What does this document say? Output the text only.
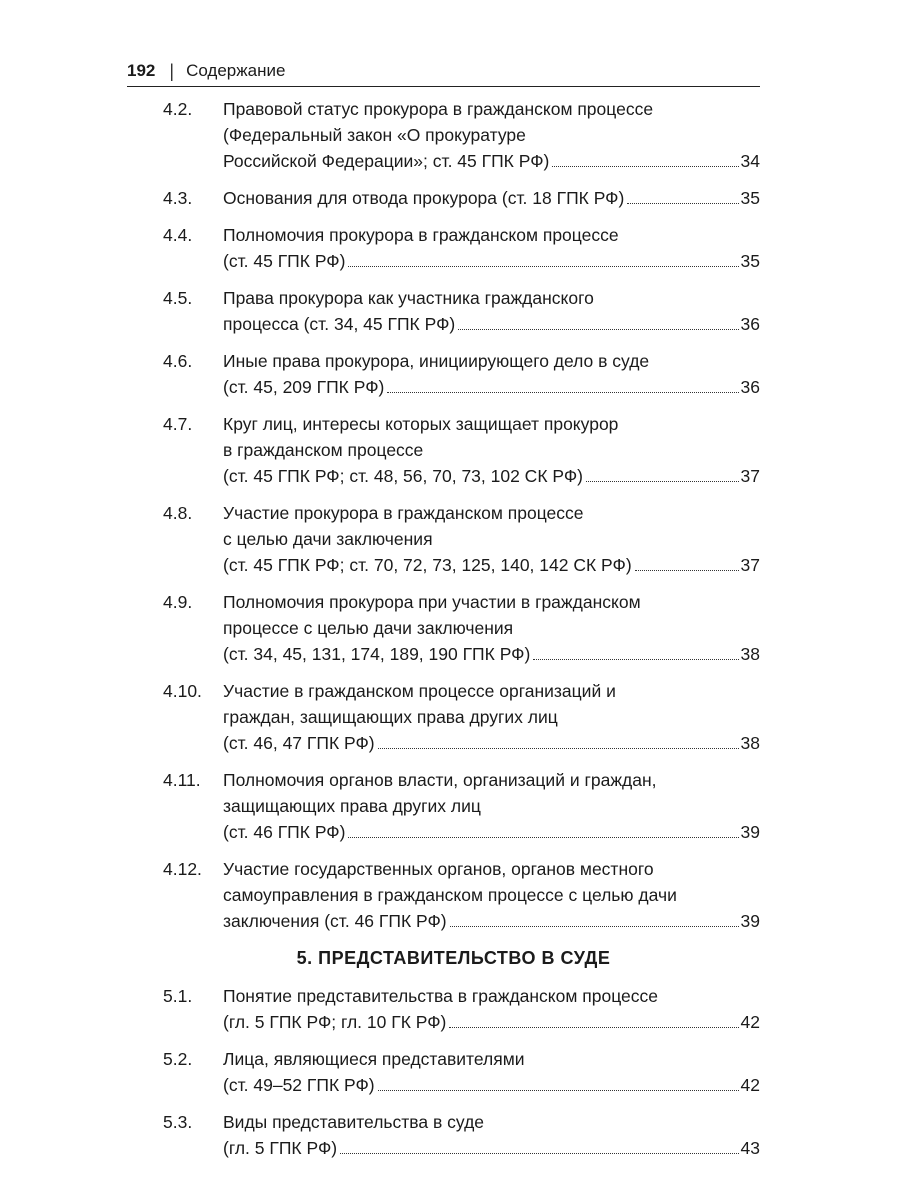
192 | Содержание
4.2. Правовой статус прокурора в гражданском процессе
(Федеральный закон «О прокуратуре
Российской Федерации»; ст. 45 ГПК РФ)	34
4.3. Основания для отвода прокурора (ст. 18 ГПК РФ)	35
4.4. Полномочия прокурора в гражданском процессе
(ст. 45 ГПК РФ)	35
4.5. Права прокурора как участника гражданского
процесса (ст. 34, 45 ГПК РФ)	36
4.6. Иные права прокурора, инициирующего дело в суде
(ст. 45, 209 ГПК РФ)	36
4.7. Круг лиц, интересы которых защищает прокурор
в гражданском процессе
(ст. 45 ГПК РФ; ст. 48, 56, 70, 73, 102 СК РФ)	37
4.8. Участие прокурора в гражданском процессе
с целью дачи заключения
(ст. 45 ГПК РФ; ст. 70, 72, 73, 125, 140, 142 СК РФ)	37
4.9. Полномочия прокурора при участии в гражданском
процессе с целью дачи заключения
(ст. 34, 45, 131, 174, 189, 190 ГПК РФ)	38
4.10. Участие в гражданском процессе организаций и
граждан, защищающих права других лиц
(ст. 46, 47 ГПК РФ)	38
4.11. Полномочия органов власти, организаций и граждан,
защищающих права других лиц
(ст. 46 ГПК РФ)	39
4.12. Участие государственных органов, органов местного
самоуправления в гражданском процессе с целью дачи
заключения (ст. 46 ГПК РФ)	39
5. ПРЕДСТАВИТЕЛЬСТВО В СУДЕ
5.1. Понятие представительства в гражданском процессе
(гл. 5 ГПК РФ; гл. 10 ГК РФ)	42
5.2. Лица, являющиеся представителями
(ст. 49–52 ГПК РФ)	42
5.3. Виды представительства в суде
(гл. 5 ГПК РФ)	43
